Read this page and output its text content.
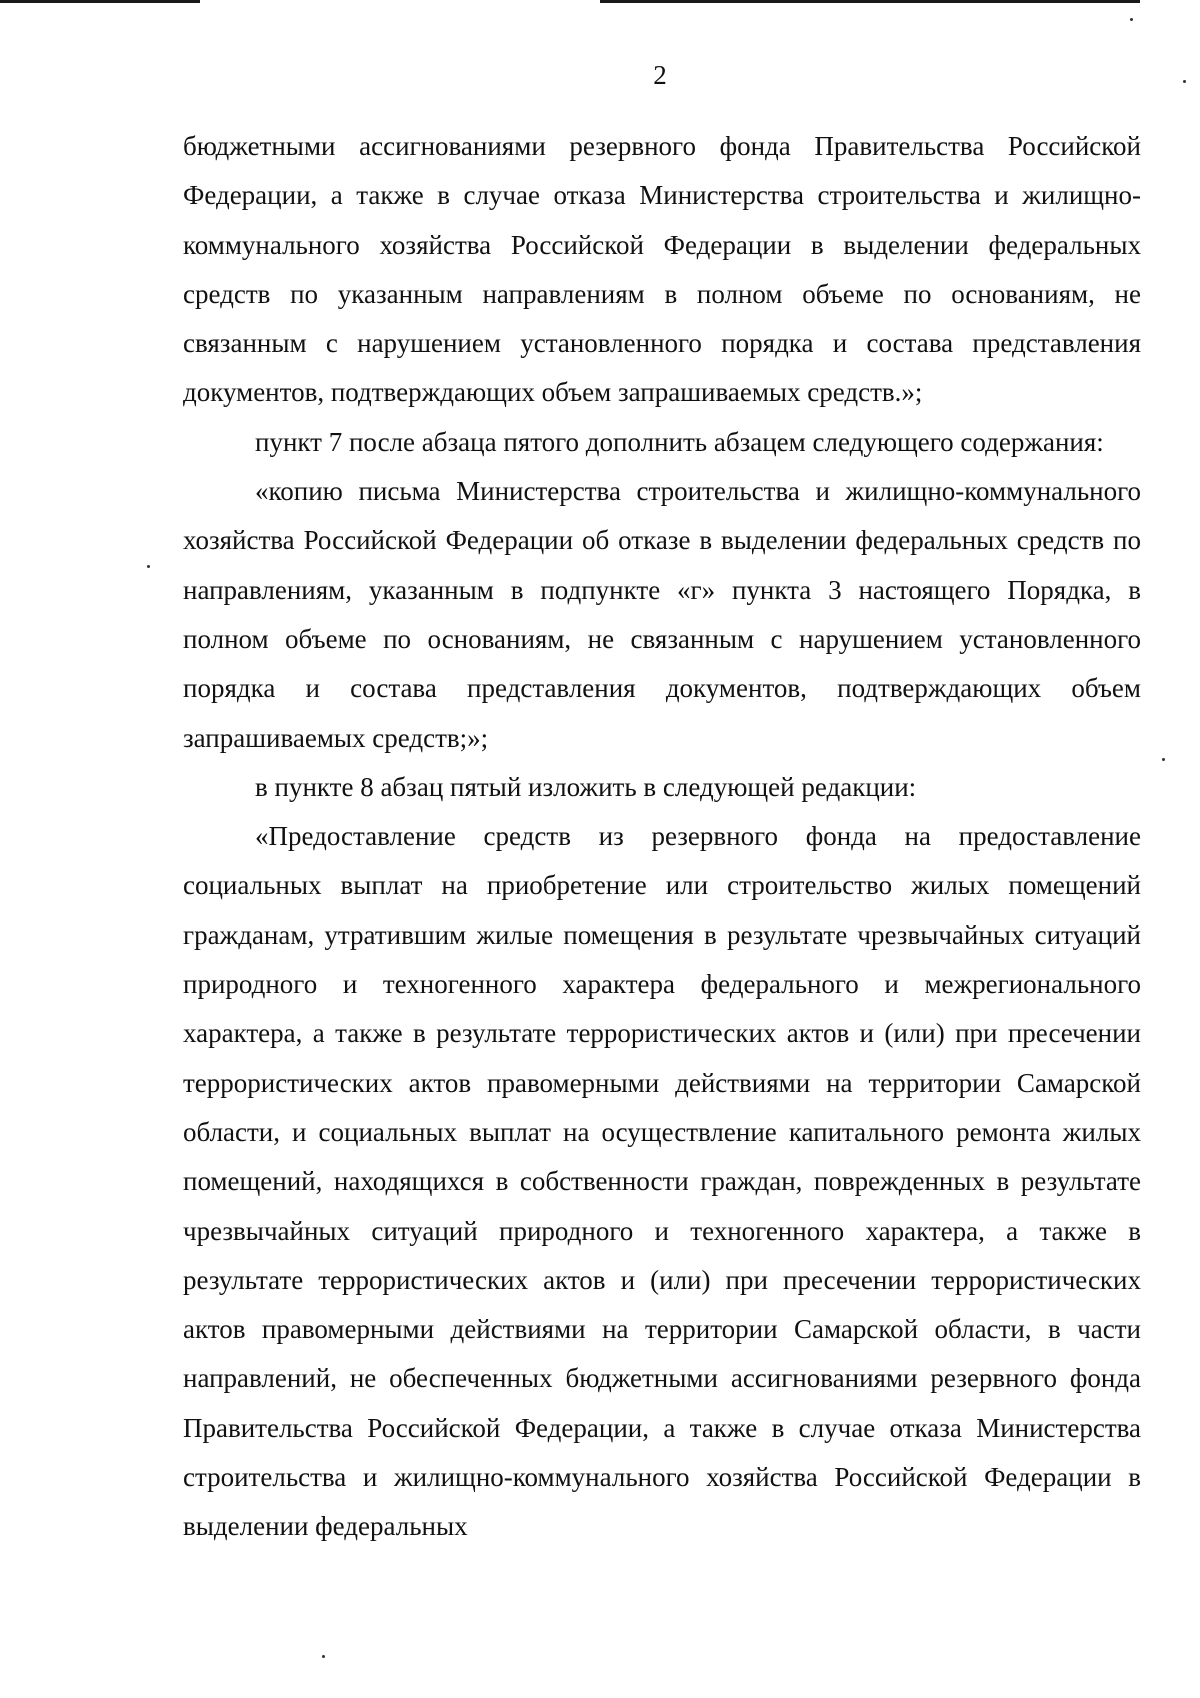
2

бюджетными ассигнованиями резервного фонда Правительства Российской Федерации, а также в случае отказа Министерства строительства и жилищно-коммунального хозяйства Российской Федерации в выделении федеральных средств по указанным направлениям в полном объеме по основаниям, не связанным с нарушением установленного порядка и состава представления документов, подтверждающих объем запрашиваемых средств.»;

пункт 7 после абзаца пятого дополнить абзацем следующего содержания:

«копию письма Министерства строительства и жилищно-коммунального хозяйства Российской Федерации об отказе в выделении федеральных средств по направлениям, указанным в подпункте «г» пункта 3 настоящего Порядка, в полном объеме по основаниям, не связанным с нарушением установленного порядка и состава представления документов, подтверждающих объем запрашиваемых средств;»;

в пункте 8 абзац пятый изложить в следующей редакции:

«Предоставление средств из резервного фонда на предоставление социальных выплат на приобретение или строительство жилых помещений гражданам, утратившим жилые помещения в результате чрезвычайных ситуаций природного и техногенного характера федерального и межрегионального характера, а также в результате террористических актов и (или) при пресечении террористических актов правомерными действиями на территории Самарской области, и социальных выплат на осуществление капитального ремонта жилых помещений, находящихся в собственности граждан, поврежденных в результате чрезвычайных ситуаций природного и техногенного характера, а также в результате террористических актов и (или) при пресечении террористических актов правомерными действиями на территории Самарской области, в части направлений, не обеспеченных бюджетными ассигнованиями резервного фонда Правительства Российской Федерации, а также в случае отказа Министерства строительства и жилищно-коммунального хозяйства Российской Федерации в выделении федеральных
